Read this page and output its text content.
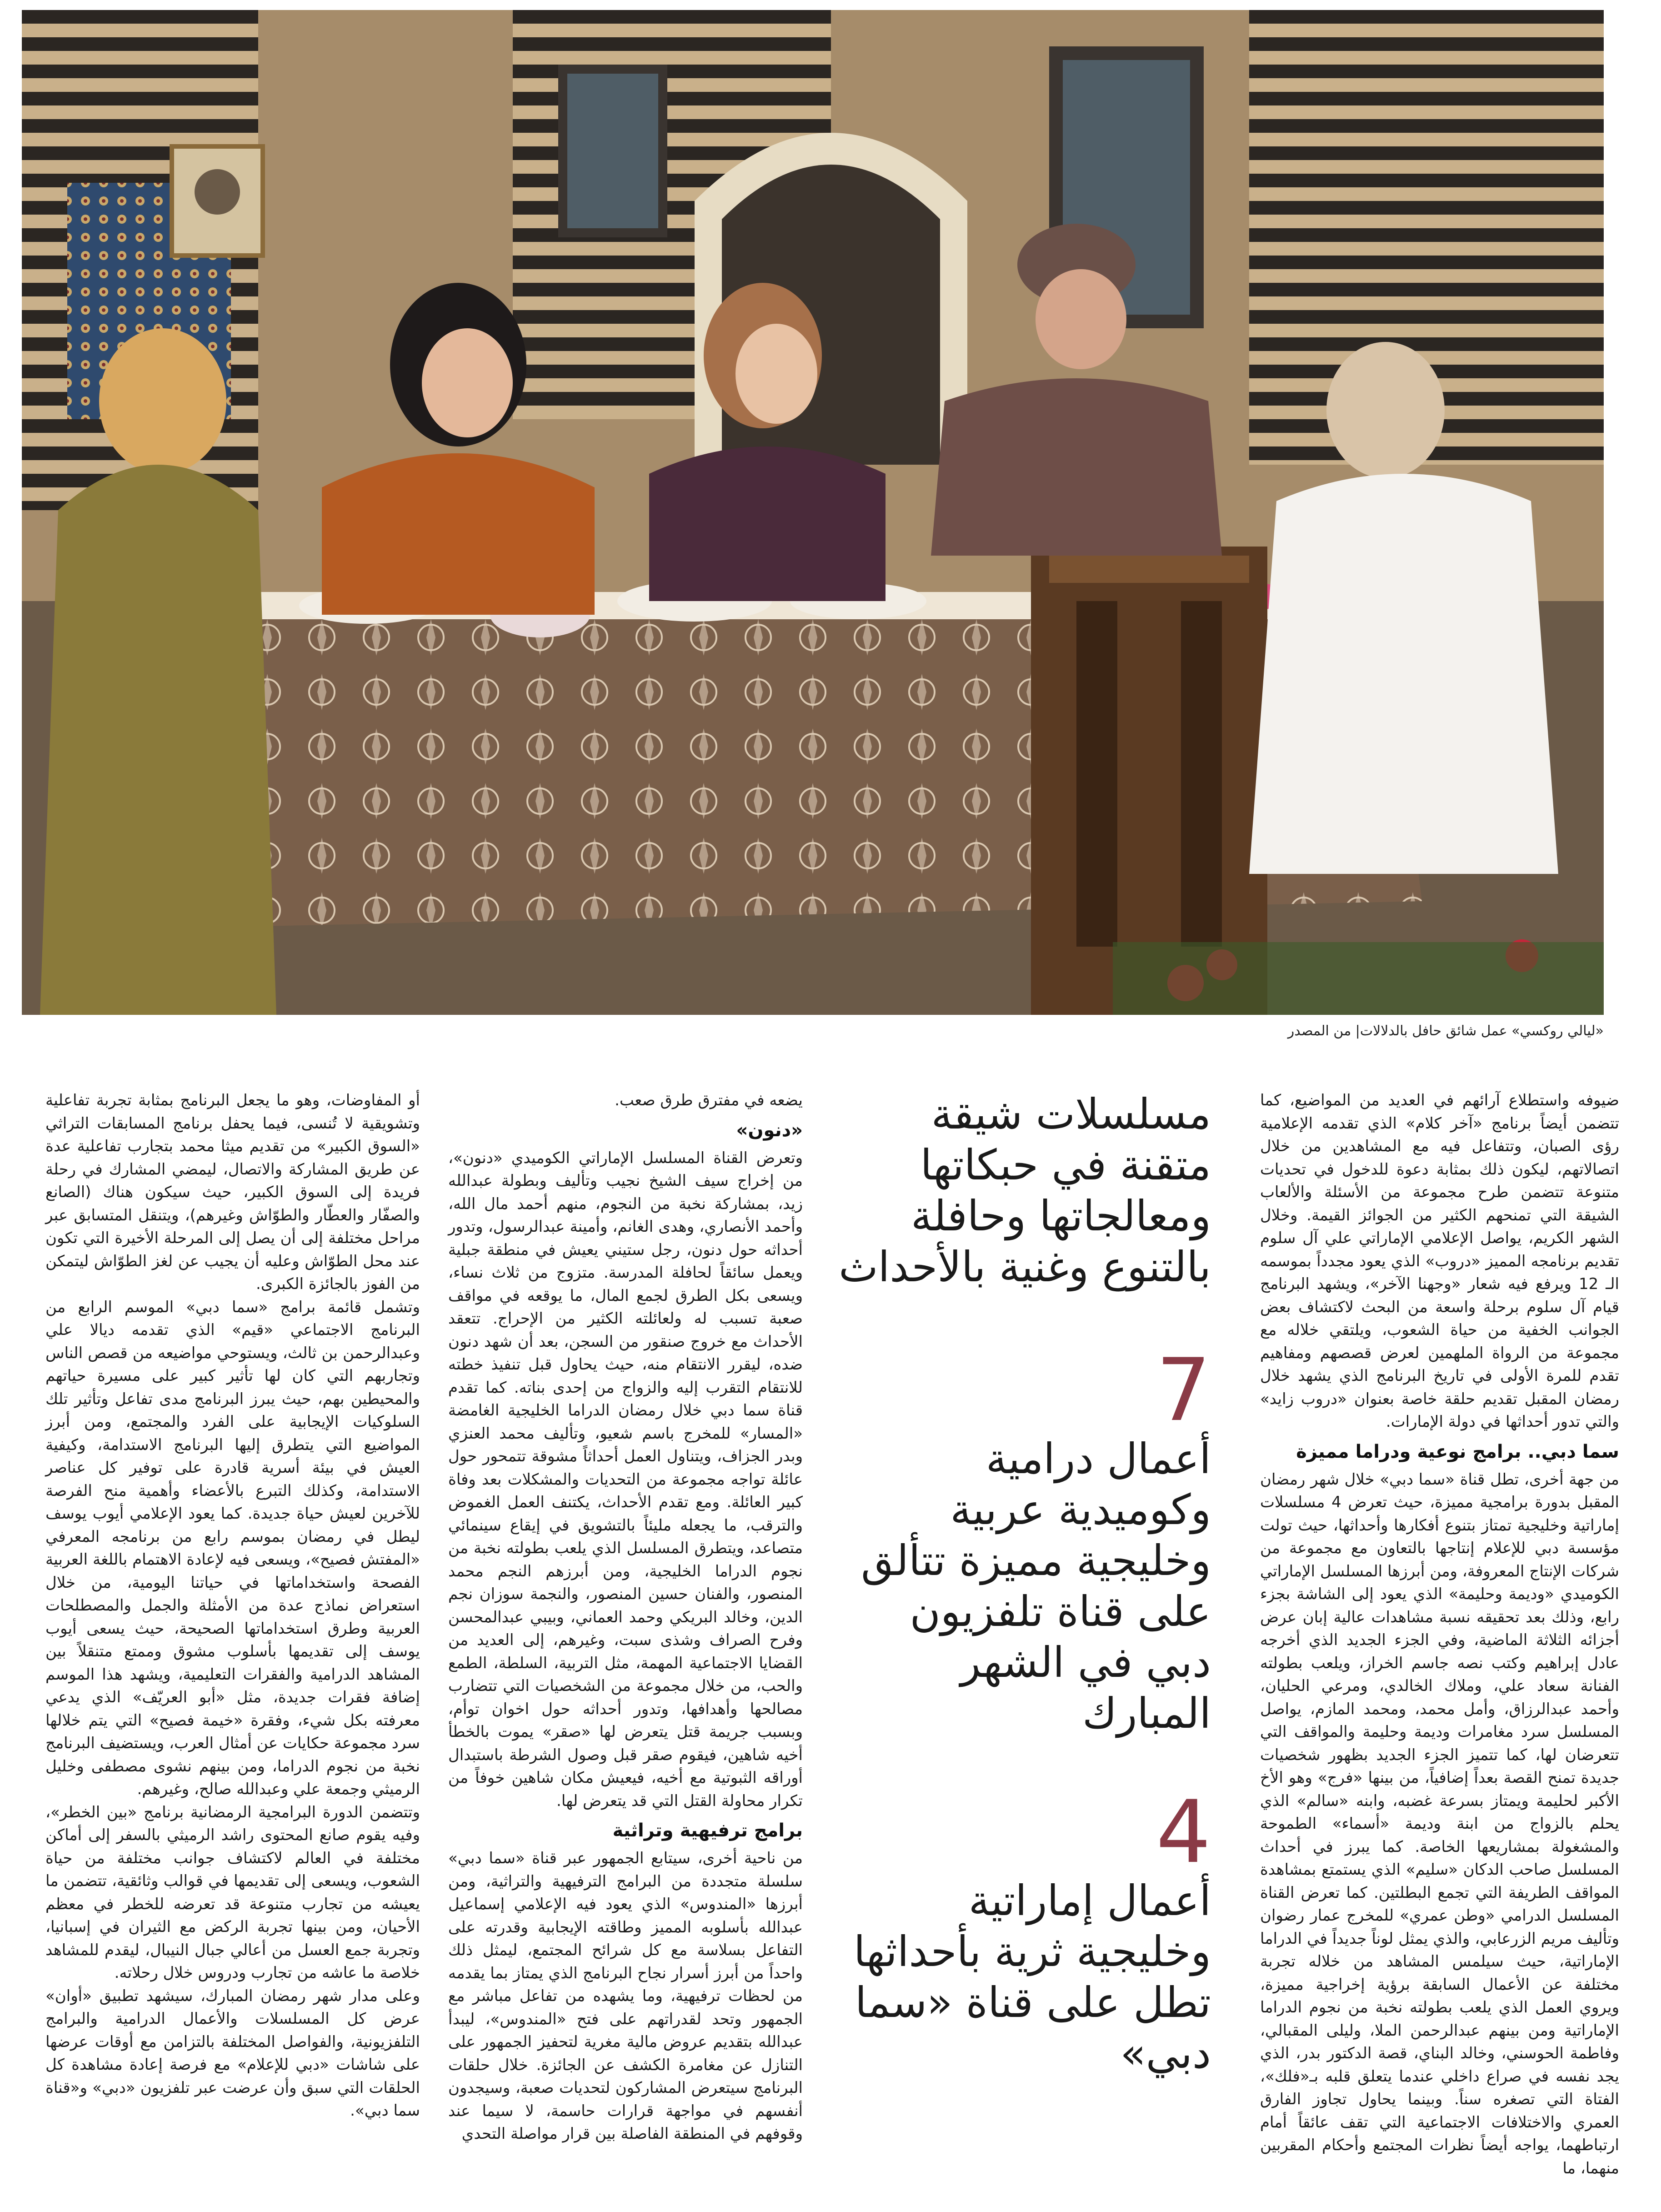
«ليالي روكسي» عمل شائق حافل بالدلالات| من المصدر

ضيوفه واستطلاع آرائهم في العديد من المواضيع، كما تتضمن أيضاً برنامج «آخر كلام» الذي تقدمه الإعلامية رؤى الصبان، وتتفاعل فيه مع المشاهدين من خلال اتصالاتهم، ليكون ذلك بمثابة دعوة للدخول في تحديات متنوعة تتضمن طرح مجموعة من الأسئلة والألعاب الشيقة التي تمنحهم الكثير من الجوائز القيمة. وخلال الشهر الكريم، يواصل الإعلامي الإماراتي علي آل سلوم تقديم برنامجه المميز «دروب» الذي يعود مجدداً بموسمه الـ 12 ويرفع فيه شعار «وجهنا الآخر»، ويشهد البرنامج قيام آل سلوم برحلة واسعة من البحث لاكتشاف بعض الجوانب الخفية من حياة الشعوب، ويلتقي خلاله مع مجموعة من الرواة الملهمين لعرض قصصهم ومفاهيم تقدم للمرة الأولى في تاريخ البرنامج الذي يشهد خلال رمضان المقبل تقديم حلقة خاصة بعنوان «دروب زايد» والتي تدور أحداثها في دولة الإمارات.

سما دبي.. برامج نوعية ودراما مميزة

من جهة أخرى، تطل قناة «سما دبي» خلال شهر رمضان المقبل بدورة برامجية مميزة، حيث تعرض 4 مسلسلات إماراتية وخليجية تمتاز بتنوع أفكارها وأحداثها، حيث تولت مؤسسة دبي للإعلام إنتاجها بالتعاون مع مجموعة من شركات الإنتاج المعروفة، ومن أبرزها المسلسل الإماراتي الكوميدي «وديمة وحليمة» الذي يعود إلى الشاشة بجزء رابع، وذلك بعد تحقيقه نسبة مشاهدات عالية إبان عرض أجزائه الثلاثة الماضية، وفي الجزء الجديد الذي أخرجه عادل إبراهيم وكتب نصه جاسم الخراز، ويلعب بطولته الفنانة سعاد علي، وملاك الخالدي، ومرعي الحليان، وأحمد عبدالرزاق، وأمل محمد، ومحمد المازم، يواصل المسلسل سرد مغامرات وديمة وحليمة والمواقف التي تتعرضان لها، كما تتميز الجزء الجديد بظهور شخصيات جديدة تمنح القصة بعداً إضافياً، من بينها «فرج» وهو الأخ الأكبر لحليمة ويمتاز بسرعة غضبه، وابنه «سالم» الذي يحلم بالزواج من ابنة وديمة «أسماء» الطموحة والمشغولة بمشاريعها الخاصة. كما يبرز في أحداث المسلسل صاحب الدكان «سليم» الذي يستمتع بمشاهدة المواقف الطريفة التي تجمع البطلتين. كما تعرض القناة المسلسل الدرامي «وطن عمري» للمخرج عمار رضوان وتأليف مريم الزرعابي، والذي يمثل لوناً جديداً في الدراما الإماراتية، حيث سيلمس المشاهد من خلاله تجربة مختلفة عن الأعمال السابقة برؤية إخراجية مميزة، ويروي العمل الذي يلعب بطولته نخبة من نجوم الدراما الإماراتية ومن بينهم عبدالرحمن الملا، وليلى المقبالي، وفاطمة الحوسني، وخالد البناي، قصة الدكتور بدر، الذي يجد نفسه في صراع داخلي عندما يتعلق قلبه بـ«فلك»، الفتاة التي تصغره سناً. وبينما يحاول تجاوز الفارق العمري والاختلافات الاجتماعية التي تقف عائقاً أمام ارتباطهما، يواجه أيضاً نظرات المجتمع وأحكام المقربين منهما، ما

مسلسلات شيقة متقنة في حبكاتها ومعالجاتها وحافلة بالتنوع وغنية بالأحداث
7
أعمال درامية وكوميدية عربية وخليجية مميزة تتألق على قناة تلفزيون دبي في الشهر المبارك
4
أعمال إماراتية وخليجية ثرية بأحداثها تطل على قناة «سما دبي»

يضعه في مفترق طرق صعب.

«دنون»

وتعرض القناة المسلسل الإماراتي الكوميدي «دنون»، من إخراج سيف الشيخ نجيب وتأليف وبطولة عبدالله زيد، بمشاركة نخبة من النجوم، منهم أحمد مال الله، وأحمد الأنصاري، وهدى الغانم، وأمينة عبدالرسول، وتدور أحداثه حول دنون، رجل ستيني يعيش في منطقة جبلية ويعمل سائقاً لحافلة المدرسة. متزوج من ثلاث نساء، ويسعى بكل الطرق لجمع المال، ما يوقعه في مواقف صعبة تسبب له ولعائلته الكثير من الإحراج. تتعقد الأحداث مع خروج صنقور من السجن، بعد أن شهد دنون ضده، ليقرر الانتقام منه، حيث يحاول قبل تنفيذ خطته للانتقام التقرب إليه والزواج من إحدى بناته. كما تقدم قناة سما دبي خلال رمضان الدراما الخليجية الغامضة «المسار» للمخرج باسم شعيو، وتأليف محمد العنزي وبدر الجزاف، ويتناول العمل أحداثاً مشوقة تتمحور حول عائلة تواجه مجموعة من التحديات والمشكلات بعد وفاة كبير العائلة. ومع تقدم الأحداث، يكتنف العمل الغموض والترقب، ما يجعله مليئاً بالتشويق في إيقاع سينمائي متصاعد، ويتطرق المسلسل الذي يلعب بطولته نخبة من نجوم الدراما الخليجية، ومن أبرزهم النجم محمد المنصور، والفنان حسين المنصور، والنجمة سوزان نجم الدين، وخالد البريكي وحمد العماني، وبيبي عبدالمحسن وفرح الصراف وشذى سبت، وغيرهم، إلى العديد من القضايا الاجتماعية المهمة، مثل التربية، السلطة، الطمع والحب، من خلال مجموعة من الشخصيات التي تتضارب مصالحها وأهدافها، وتدور أحداثه حول اخوان توأم، وبسبب جريمة قتل يتعرض لها «صقر» يموت بالخطأ أخيه شاهين، فيقوم صقر قبل وصول الشرطة باستبدال أوراقه الثبوتية مع أخيه، فيعيش مكان شاهين خوفاً من تكرار محاولة القتل التي قد يتعرض لها.

برامج ترفيهية وتراثية

من ناحية أخرى، سيتابع الجمهور عبر قناة «سما دبي» سلسلة متجددة من البرامج الترفيهية والتراثية، ومن أبرزها «المندوس» الذي يعود فيه الإعلامي إسماعيل عبدالله بأسلوبه المميز وطاقته الإيجابية وقدرته على التفاعل بسلاسة مع كل شرائح المجتمع، ليمثل ذلك واحداً من أبرز أسرار نجاح البرنامج الذي يمتاز بما يقدمه من لحظات ترفيهية، وما يشهده من تفاعل مباشر مع الجمهور وتحد لقدراتهم على فتح «المندوس»، ليبدأ عبدالله بتقديم عروض مالية مغرية لتحفيز الجمهور على التنازل عن مغامرة الكشف عن الجائزة. خلال حلقات البرنامج سيتعرض المشاركون لتحديات صعبة، وسيجدون أنفسهم في مواجهة قرارات حاسمة، لا سيما عند وقوفهم في المنطقة الفاصلة بين قرار مواصلة التحدي

أو المفاوضات، وهو ما يجعل البرنامج بمثابة تجربة تفاعلية وتشويقية لا تُنسى، فيما يحفل برنامج المسابقات التراثي «السوق الكبير» من تقديم ميثا محمد بتجارب تفاعلية عدة عن طريق المشاركة والاتصال، ليمضي المشارك في رحلة فريدة إلى السوق الكبير، حيث سيكون هناك (الصانع والصفّار والعطّار والطوّاش وغيرهم)، ويتنقل المتسابق عبر مراحل مختلفة إلى أن يصل إلى المرحلة الأخيرة التي تكون عند محل الطوّاش وعليه أن يجيب عن لغز الطوّاش ليتمكن من الفوز بالجائزة الكبرى.

وتشمل قائمة برامج «سما دبي» الموسم الرابع من البرنامج الاجتماعي «قيم» الذي تقدمه ديالا علي وعبدالرحمن بن ثالث، ويستوحي مواضيعه من قصص الناس وتجاربهم التي كان لها تأثير كبير على مسيرة حياتهم والمحيطين بهم، حيث يبرز البرنامج مدى تفاعل وتأثير تلك السلوكيات الإيجابية على الفرد والمجتمع، ومن أبرز المواضيع التي يتطرق إليها البرنامج الاستدامة، وكيفية العيش في بيئة أسرية قادرة على توفير كل عناصر الاستدامة، وكذلك التبرع بالأعضاء وأهمية منح الفرصة للآخرين لعيش حياة جديدة. كما يعود الإعلامي أيوب يوسف ليطل في رمضان بموسم رابع من برنامجه المعرفي «المفتش فصيح»، ويسعى فيه لإعادة الاهتمام باللغة العربية الفصحة واستخداماتها في حياتنا اليومية، من خلال استعراض نماذج عدة من الأمثلة والجمل والمصطلحات العربية وطرق استخداماتها الصحيحة، حيث يسعى أيوب يوسف إلى تقديمها بأسلوب مشوق وممتع متنقلاً بين المشاهد الدرامية والفقرات التعليمية، ويشهد هذا الموسم إضافة فقرات جديدة، مثل «أبو العريّف» الذي يدعي معرفته بكل شيء، وفقرة «خيمة فصيح» التي يتم خلالها سرد مجموعة حكايات عن أمثال العرب، ويستضيف البرنامج نخبة من نجوم الدراما، ومن بينهم نشوى مصطفى وخليل الرميثي وجمعة علي وعبدالله صالح، وغيرهم.

وتتضمن الدورة البرامجية الرمضانية برنامج «بين الخطر»، وفيه يقوم صانع المحتوى راشد الرميثي بالسفر إلى أماكن مختلفة في العالم لاكتشاف جوانب مختلفة من حياة الشعوب، ويسعى إلى تقديمها في قوالب وثائقية، تتضمن ما يعيشه من تجارب متنوعة قد تعرضه للخطر في معظم الأحيان، ومن بينها تجربة الركض مع الثيران في إسبانيا، وتجربة جمع العسل من أعالي جبال النيبال، ليقدم للمشاهد خلاصة ما عاشه من تجارب ودروس خلال رحلاته.

وعلى مدار شهر رمضان المبارك، سيشهد تطبيق «أوان» عرض كل المسلسلات والأعمال الدرامية والبرامج التلفزيونية، والفواصل المختلفة بالتزامن مع أوقات عرضها على شاشات «دبي للإعلام» مع فرصة إعادة مشاهدة كل الحلقات التي سبق وأن عرضت عبر تلفزيون «دبي» و«قناة سما دبي».
